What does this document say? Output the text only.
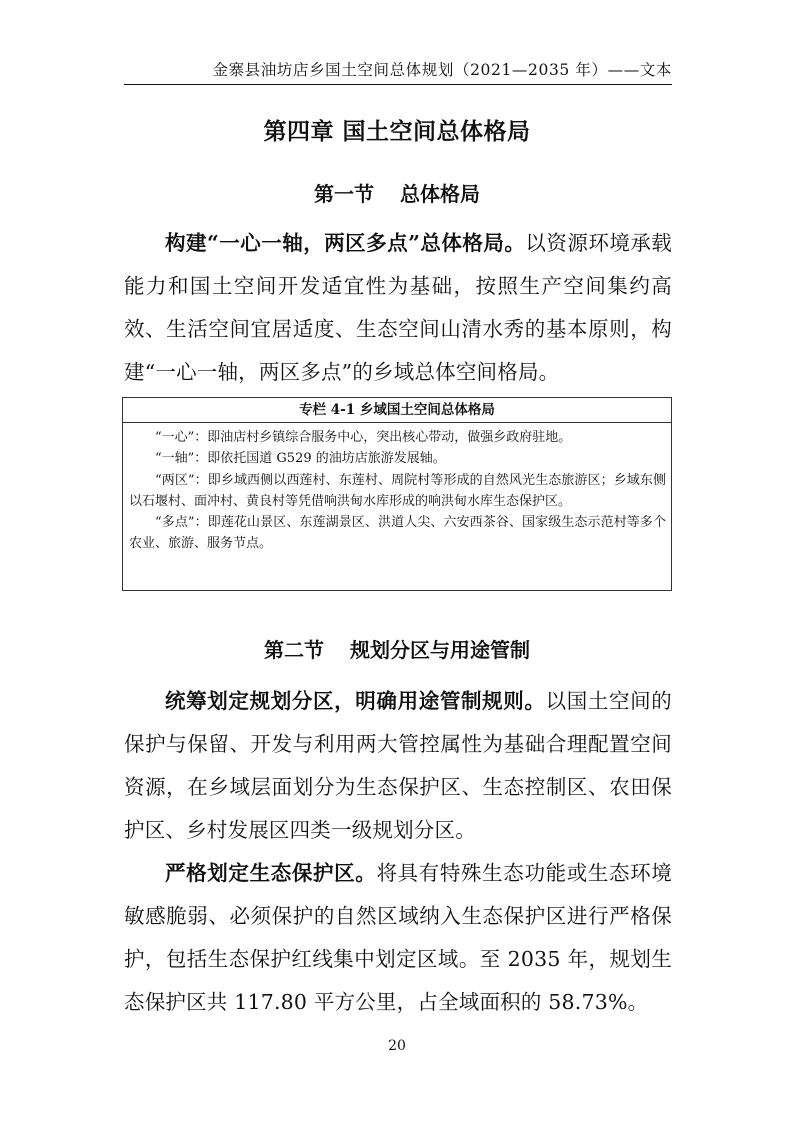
金寨县油坊店乡国土空间总体规划（2021—2035 年）——文本
第四章 国土空间总体格局
第一节 总体格局
构建“一心一轴，两区多点”总体格局。以资源环境承载能力和国土空间开发适宜性为基础，按照生产空间集约高效、生活空间宜居适度、生态空间山清水秀的基本原则，构建“一心一轴，两区多点”的乡域总体空间格局。
专栏 4-1 乡域国土空间总体格局
“一心”：即油店村乡镇综合服务中心，突出核心带动，做强乡政府驻地。
“一轴”：即依托国道 G529 的油坊店旅游发展轴。
“两区”：即乡域西侧以西莲村、东莲村、周院村等形成的自然风光生态旅游区；乡域东侧以石堰村、面冲村、黄良村等凭借响洪甸水库形成的响洪甸水库生态保护区。
“多点”：即莲花山景区、东莲湖景区、洪道人尖、六安西茶谷、国家级生态示范村等多个农业、旅游、服务节点。
第二节 规划分区与用途管制
统筹划定规划分区，明确用途管制规则。以国土空间的保护与保留、开发与利用两大管控属性为基础合理配置空间资源，在乡域层面划分为生态保护区、生态控制区、农田保护区、乡村发展区四类一级规划分区。
严格划定生态保护区。将具有特殊生态功能或生态环境敏感脆弱、必须保护的自然区域纳入生态保护区进行严格保护，包括生态保护红线集中划定区域。至 2035 年，规划生态保护区共 117.80 平方公里，占全域面积的 58.73%。
20
